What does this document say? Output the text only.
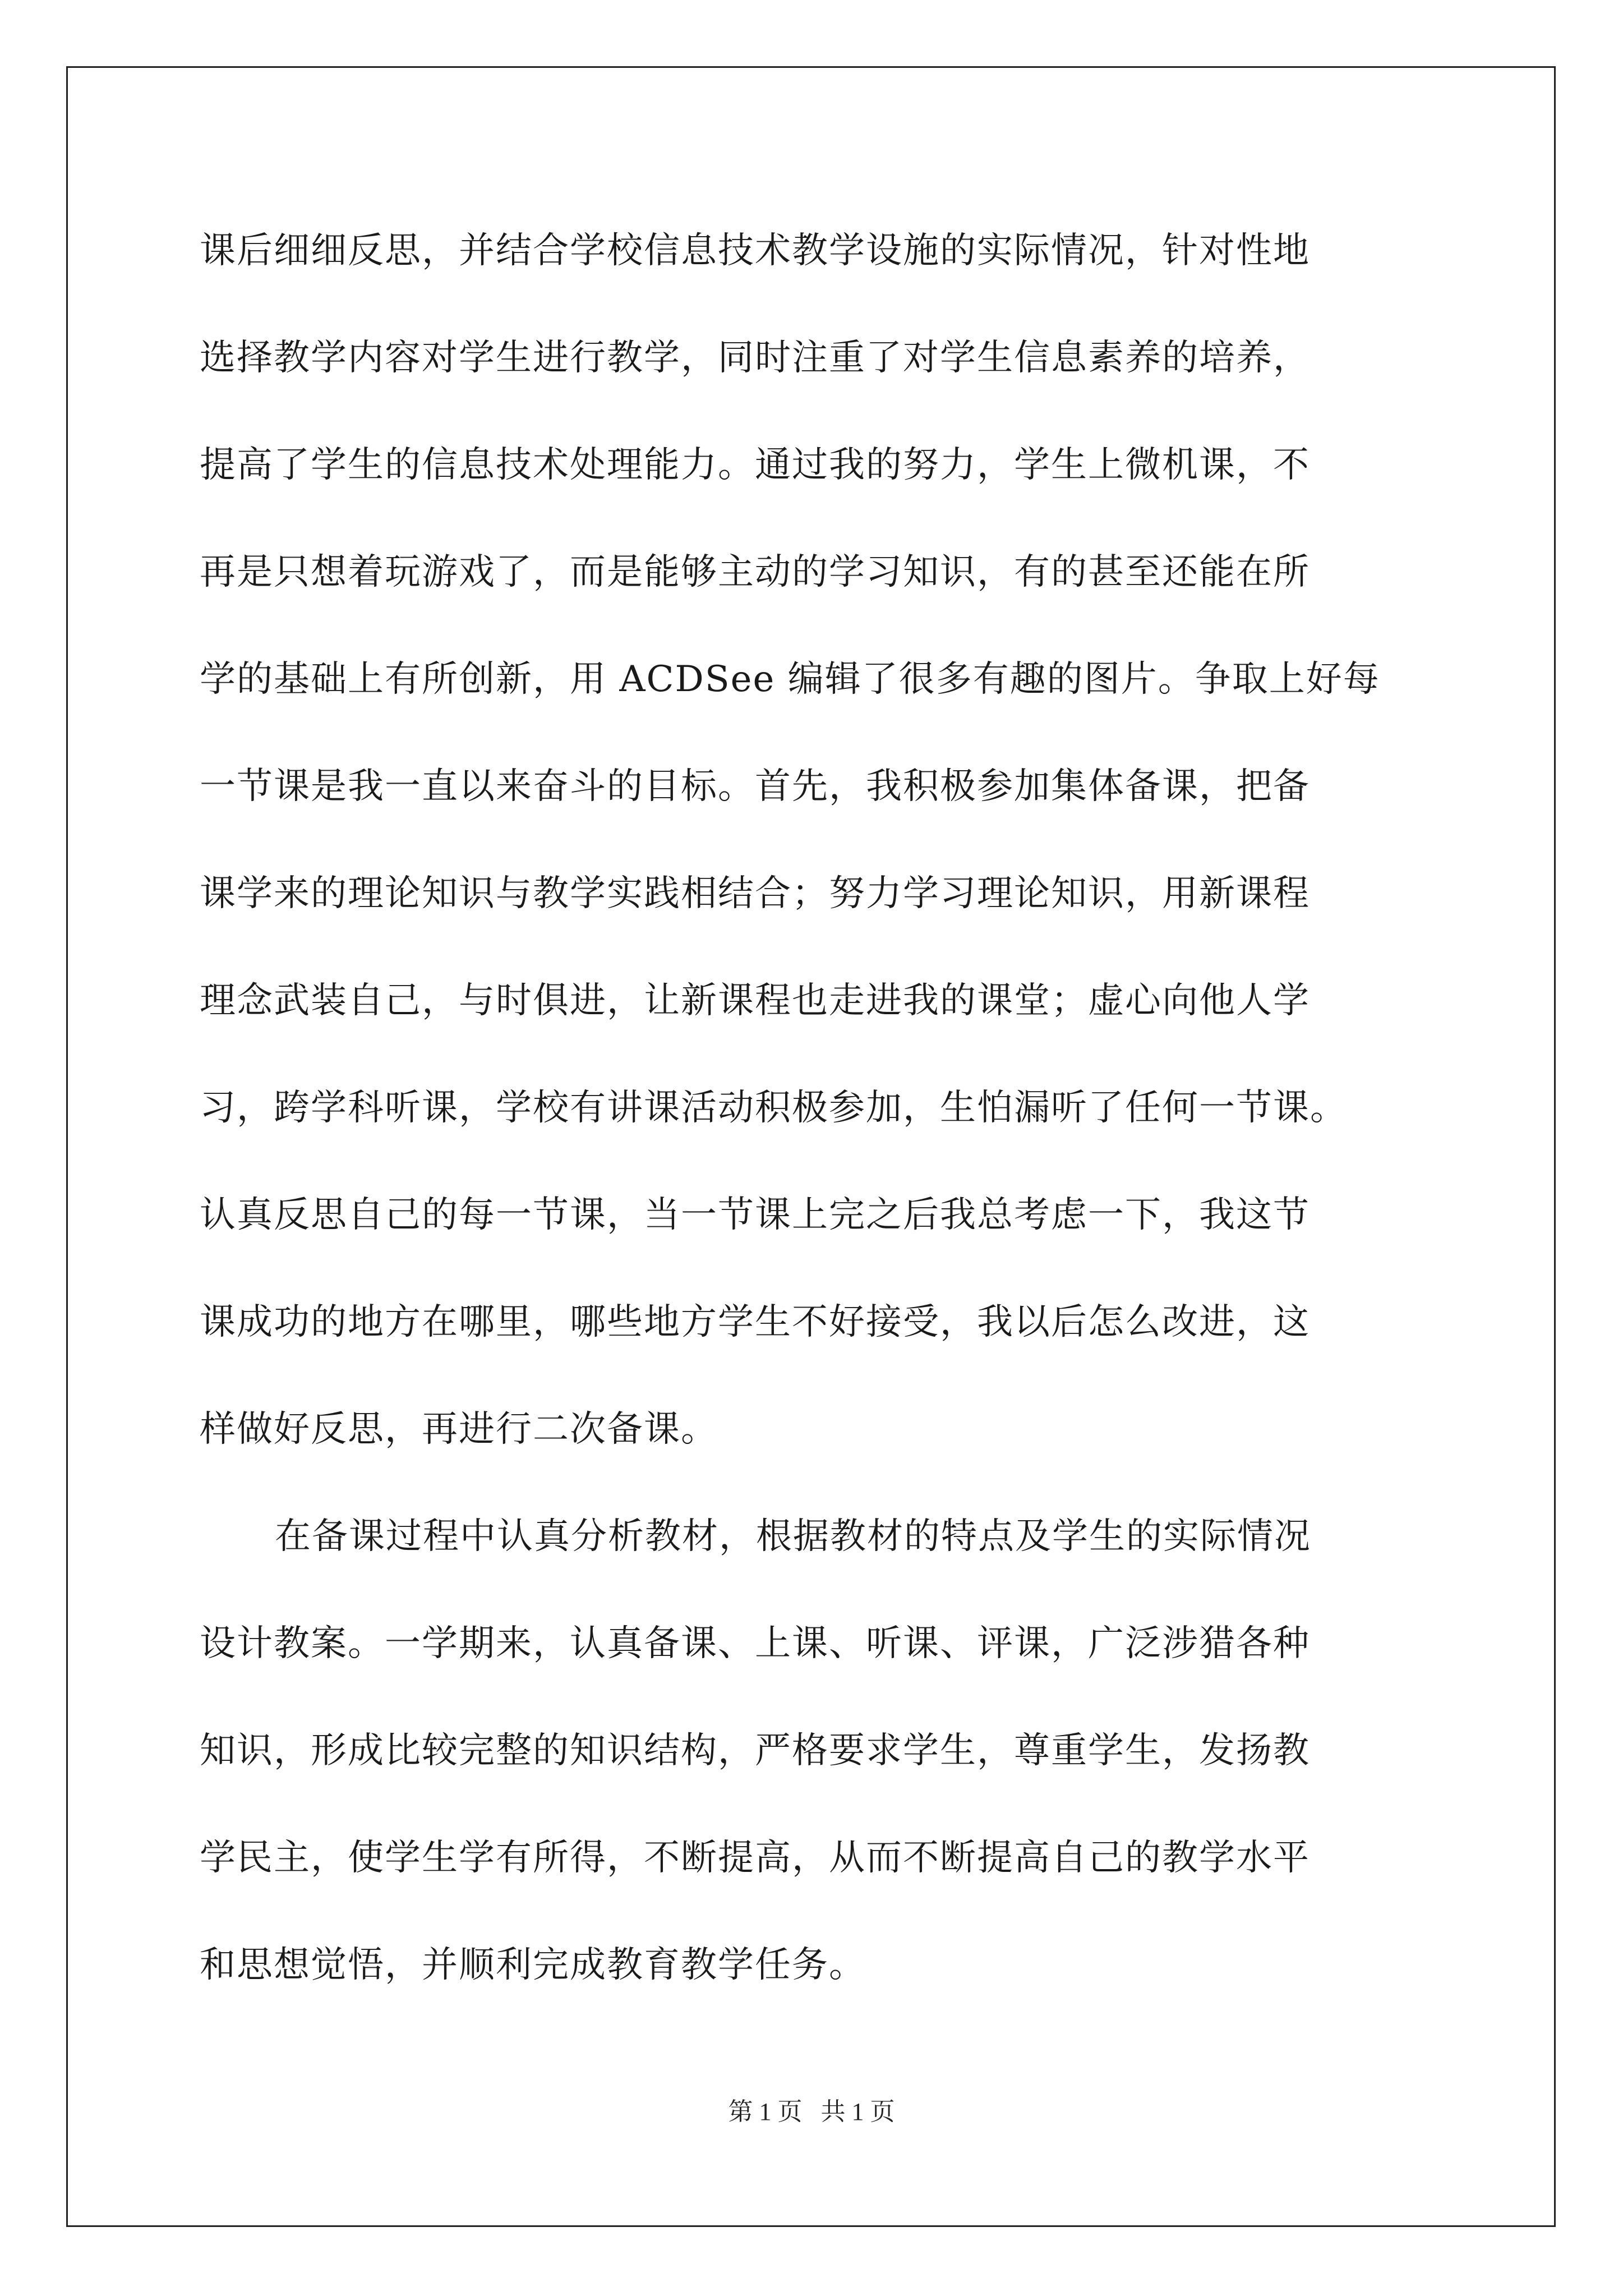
课后细细反思，并结合学校信息技术教学设施的实际情况，针对性地
选择教学内容对学生进行教学，同时注重了对学生信息素养的培养，
提高了学生的信息技术处理能力。通过我的努力，学生上微机课，不
再是只想着玩游戏了，而是能够主动的学习知识，有的甚至还能在所
学的基础上有所创新，用 ACDSee 编辑了很多有趣的图片。争取上好每
一节课是我一直以来奋斗的目标。首先，我积极参加集体备课，把备
课学来的理论知识与教学实践相结合；努力学习理论知识，用新课程
理念武装自己，与时俱进，让新课程也走进我的课堂；虚心向他人学
习，跨学科听课，学校有讲课活动积极参加，生怕漏听了任何一节课。
认真反思自己的每一节课，当一节课上完之后我总考虑一下，我这节
课成功的地方在哪里，哪些地方学生不好接受，我以后怎么改进，这
样做好反思，再进行二次备课。
在备课过程中认真分析教材，根据教材的特点及学生的实际情况
设计教案。一学期来，认真备课、上课、听课、评课，广泛涉猎各种
知识，形成比较完整的知识结构，严格要求学生，尊重学生，发扬教
学民主，使学生学有所得，不断提高，从而不断提高自己的教学水平
和思想觉悟，并顺利完成教育教学任务。
第 1 页 共 1 页
